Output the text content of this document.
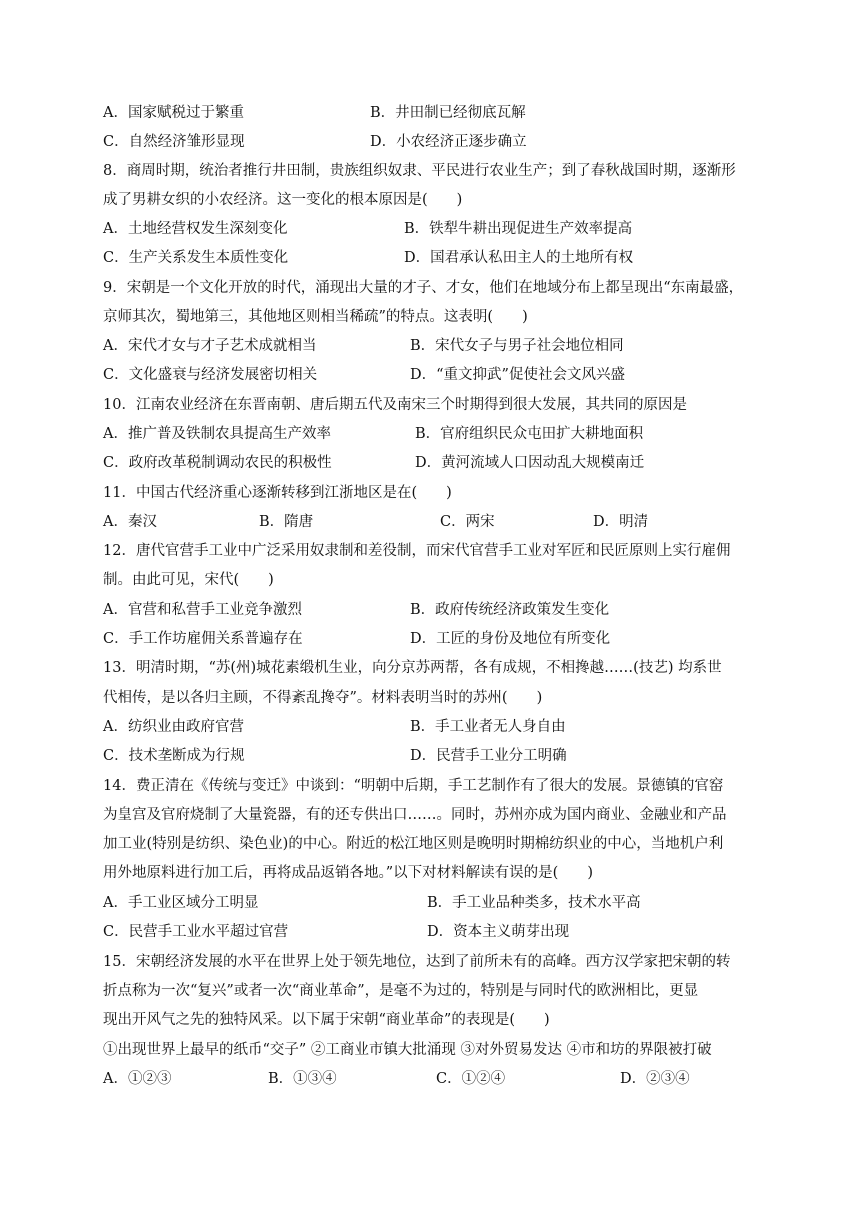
A．国家赋税过于繁重	B．井田制已经彻底瓦解
C．自然经济雏形显现	D．小农经济正逐步确立
8．商周时期，统治者推行井田制，贵族组织奴隶、平民进行农业生产；到了春秋战国时期，逐渐形
成了男耕女织的小农经济。这一变化的根本原因是(　　)
A．土地经营权发生深刻变化	B．铁犁牛耕出现促进生产效率提高
C．生产关系发生本质性变化	D．国君承认私田主人的土地所有权
9．宋朝是一个文化开放的时代，涌现出大量的才子、才女，他们在地域分布上都呈现出“东南最盛，
京师其次，蜀地第三，其他地区则相当稀疏”的特点。这表明(　　)
A．宋代才女与才子艺术成就相当	B．宋代女子与男子社会地位相同
C．文化盛衰与经济发展密切相关	D．“重文抑武”促使社会文风兴盛
10．江南农业经济在东晋南朝、唐后期五代及南宋三个时期得到很大发展，其共同的原因是
A．推广普及铁制农具提高生产效率	B．官府组织民众屯田扩大耕地面积
C．政府改革税制调动农民的积极性	D．黄河流域人口因动乱大规模南迁
11．中国古代经济重心逐渐转移到江浙地区是在(　　)
A．秦汉	B．隋唐	C．两宋	D．明清
12．唐代官营手工业中广泛采用奴隶制和差役制，而宋代官营手工业对军匠和民匠原则上实行雇佣
制。由此可见，宋代(　　)
A．官营和私营手工业竞争激烈	B．政府传统经济政策发生变化
C．手工作坊雇佣关系普遍存在	D．工匠的身份及地位有所变化
13．明清时期，“苏(州)城花素缎机生业，向分京苏两帮，各有成规，不相搀越……(技艺) 均系世
代相传，是以各归主顾，不得紊乱搀夺”。材料表明当时的苏州(　　)
A．纺织业由政府官营	B．手工业者无人身自由
C．技术垄断成为行规	D．民营手工业分工明确
14．费正清在《传统与变迁》中谈到：“明朝中后期，手工艺制作有了很大的发展。景德镇的官窑
为皇宫及官府烧制了大量瓷器，有的还专供出口……。同时，苏州亦成为国内商业、金融业和产品
加工业(特别是纺织、染色业)的中心。附近的松江地区则是晚明时期棉纺织业的中心，当地机户利
用外地原料进行加工后，再将成品返销各地。”以下对材料解读有误的是(　　)
A．手工业区域分工明显	B．手工业品种类多，技术水平高
C．民营手工业水平超过官营	D．资本主义萌芽出现
15．宋朝经济发展的水平在世界上处于领先地位，达到了前所未有的高峰。西方汉学家把宋朝的转
折点称为一次“复兴”或者一次“商业革命”，是毫不为过的，特别是与同时代的欧洲相比，更显
现出开风气之先的独特风采。以下属于宋朝“商业革命”的表现是(　　)
①出现世界上最早的纸币“交子” ②工商业市镇大批涌现 ③对外贸易发达 ④市和坊的界限被打破
A．①②③	B．①③④	C．①②④	D．②③④
